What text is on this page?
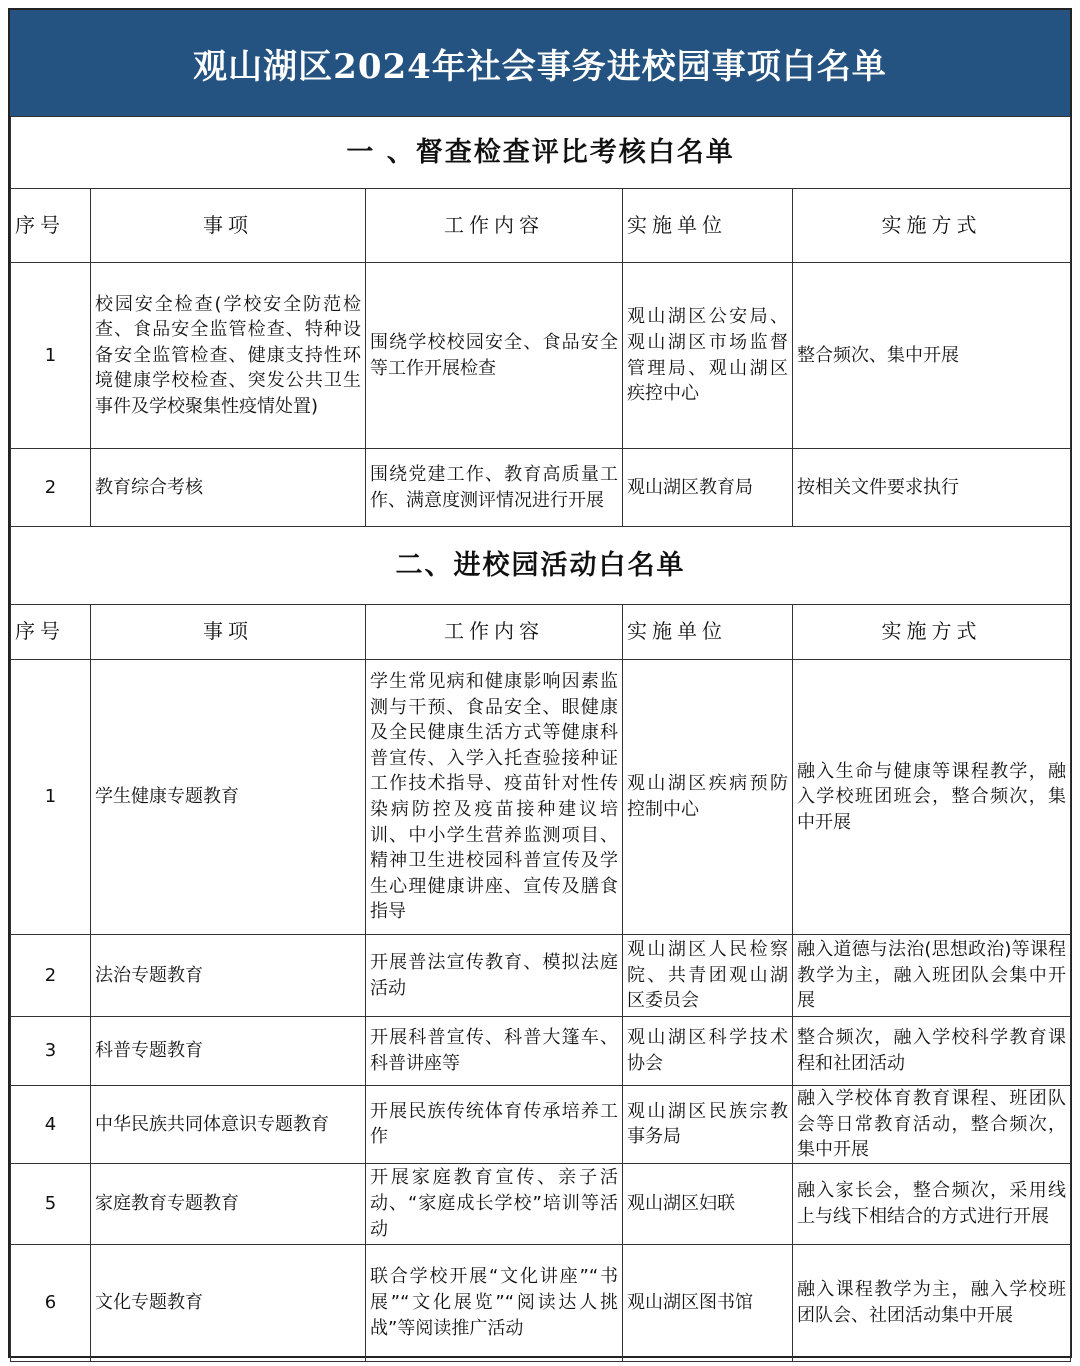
观山湖区2024年社会事务进校园事项白名单
一 、督查检查评比考核白名单				
序号	事项	工作内容	实施单位	实施方式
1	校园安全检查(学校安全防范检查、食品安全监管检查、特种设备安全监管检查、健康支持性环境健康学校检查、突发公共卫生事件及学校聚集性疫情处置)	围绕学校校园安全、食品安全等工作开展检查	观山湖区公安局、观山湖区市场监督管理局、观山湖区疾控中心	整合频次、集中开展
2	教育综合考核	围绕党建工作、教育高质量工作、满意度测评情况进行开展	观山湖区教育局	按相关文件要求执行
二、进校园活动白名单				
序号	事项	工作内容	实施单位	实施方式
1	学生健康专题教育	学生常见病和健康影响因素监测与干预、食品安全、眼健康及全民健康生活方式等健康科普宣传、入学入托查验接种证工作技术指导、疫苗针对性传染病防控及疫苗接种建议培训、中小学生营养监测项目、精神卫生进校园科普宣传及学生心理健康讲座、宣传及膳食指导	观山湖区疾病预防控制中心	融入生命与健康等课程教学，融入学校班团班会，整合频次，集中开展
2	法治专题教育	开展普法宣传教育、模拟法庭活动	观山湖区人民检察院、共青团观山湖区委员会	融入道德与法治(思想政治)等课程教学为主，融入班团队会集中开展
3	科普专题教育	开展科普宣传、科普大篷车、科普讲座等	观山湖区科学技术协会	整合频次，融入学校科学教育课程和社团活动
4	中华民族共同体意识专题教育	开展民族传统体育传承培养工作	观山湖区民族宗教事务局	融入学校体育教育课程、班团队会等日常教育活动，整合频次，集中开展
5	家庭教育专题教育	开展家庭教育宣传、亲子活动、“家庭成长学校”培训等活动	观山湖区妇联	融入家长会，整合频次，采用线上与线下相结合的方式进行开展
6	文化专题教育	联合学校开展“文化讲座”“书展”“文化展览”“阅读达人挑战”等阅读推广活动	观山湖区图书馆	融入课程教学为主，融入学校班团队会、社团活动集中开展
